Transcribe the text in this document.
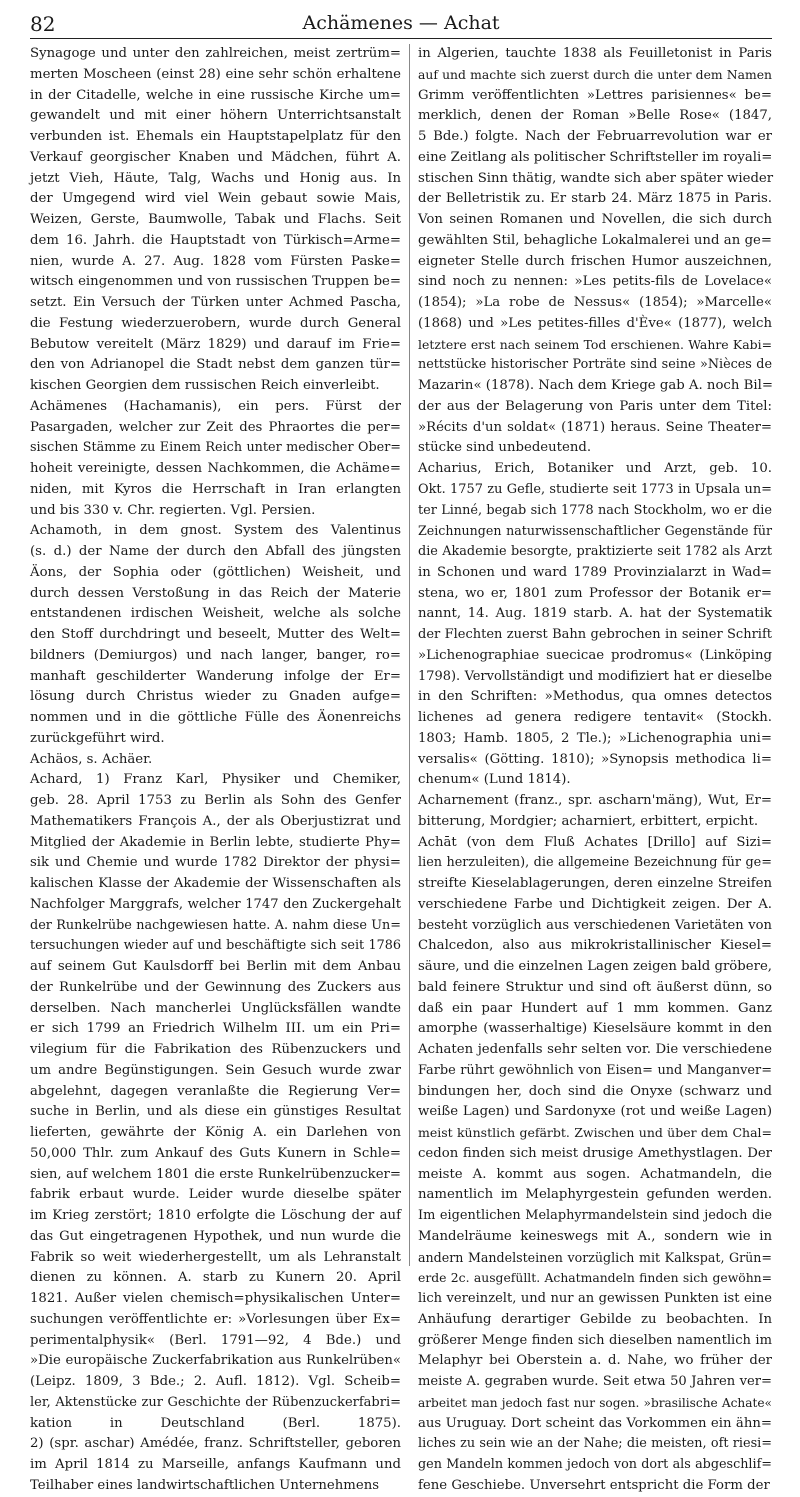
82	Achämenes — Achat
Synagoge und unter den zahlreichen, meist zertrüm=
merten Moscheen (einst 28) eine sehr schön erhaltene
in der Citadelle, welche in eine russische Kirche um=
gewandelt und mit einer höhern Unterrichtsanstalt
verbunden ist. Ehemals ein Hauptstapelplatz für den
Verkauf georgischer Knaben und Mädchen, führt A.
jetzt Vieh, Häute, Talg, Wachs und Honig aus. In
der Umgegend wird viel Wein gebaut sowie Mais,
Weizen, Gerste, Baumwolle, Tabak und Flachs. Seit
dem 16. Jahrh. die Hauptstadt von Türkisch=Arme=
nien, wurde A. 27. Aug. 1828 vom Fürsten Paske=
witsch eingenommen und von russischen Truppen be=
setzt. Ein Versuch der Türken unter Achmed Pascha,
die Festung wiederzuerobern, wurde durch General
Bebutow vereitelt (März 1829) und darauf im Frie=
den von Adrianopel die Stadt nebst dem ganzen tür=
kischen Georgien dem russischen Reich einverleibt.
Achämenes (Hachamanis), ein pers. Fürst der
Pasargaden, welcher zur Zeit des Phraortes die per=
sischen Stämme zu Einem Reich unter medischer Ober=
hoheit vereinigte, dessen Nachkommen, die Achäme=
niden, mit Kyros die Herrschaft in Iran erlangten
und bis 330 v. Chr. regierten. Vgl. Persien.
Achamoth, in dem gnost. System des Valentinus
(s. d.) der Name der durch den Abfall des jüngsten
Äons, der Sophia oder (göttlichen) Weisheit, und
durch dessen Verstoßung in das Reich der Materie
entstandenen irdischen Weisheit, welche als solche
den Stoff durchdringt und beseelt, Mutter des Welt=
bildners (Demiurgos) und nach langer, banger, ro=
manhaft geschilderter Wanderung infolge der Er=
lösung durch Christus wieder zu Gnaden aufge=
nommen und in die göttliche Fülle des Äonenreichs
zurückgeführt wird.
Achäos, s. Achäer.
Achard, 1) Franz Karl, Physiker und Chemiker,
geb. 28. April 1753 zu Berlin als Sohn des Genfer
Mathematikers François A., der als Oberjustizrat und
Mitglied der Akademie in Berlin lebte, studierte Phy=
sik und Chemie und wurde 1782 Direktor der physi=
kalischen Klasse der Akademie der Wissenschaften als
Nachfolger Marggrafs, welcher 1747 den Zuckergehalt
der Runkelrübe nachgewiesen hatte. A. nahm diese Un=
tersuchungen wieder auf und beschäftigte sich seit 1786
auf seinem Gut Kaulsdorff bei Berlin mit dem Anbau
der Runkelrübe und der Gewinnung des Zuckers aus
derselben. Nach mancherlei Unglücksfällen wandte
er sich 1799 an Friedrich Wilhelm III. um ein Pri=
vilegium für die Fabrikation des Rübenzuckers und
um andre Begünstigungen. Sein Gesuch wurde zwar
abgelehnt, dagegen veranlaßte die Regierung Ver=
suche in Berlin, und als diese ein günstiges Resultat
lieferten, gewährte der König A. ein Darlehen von
50,000 Thlr. zum Ankauf des Guts Kunern in Schle=
sien, auf welchem 1801 die erste Runkelrübenzucker=
fabrik erbaut wurde. Leider wurde dieselbe später
im Krieg zerstört; 1810 erfolgte die Löschung der auf
das Gut eingetragenen Hypothek, und nun wurde die
Fabrik so weit wiederhergestellt, um als Lehranstalt
dienen zu können. A. starb zu Kunern 20. April
1821. Außer vielen chemisch=physikalischen Unter=
suchungen veröffentlichte er: »Vorlesungen über Ex=
perimentalphysik« (Berl. 1791—92, 4 Bde.) und
»Die europäische Zuckerfabrikation aus Runkelrüben«
(Leipz. 1809, 3 Bde.; 2. Aufl. 1812). Vgl. Scheib=
ler, Aktenstücke zur Geschichte der Rübenzuckerfabri=
kation in Deutschland (Berl. 1875).
2) (spr. aschar) Amédée, franz. Schriftsteller, geboren
im April 1814 zu Marseille, anfangs Kaufmann und
Teilhaber eines landwirtschaftlichen Unternehmens
in Algerien, tauchte 1838 als Feuilletonist in Paris
auf und machte sich zuerst durch die unter dem Namen
Grimm veröffentlichten »Lettres parisiennes« be=
merklich, denen der Roman »Belle Rose« (1847,
5 Bde.) folgte. Nach der Februarrevolution war er
eine Zeitlang als politischer Schriftsteller im royali=
stischen Sinn thätig, wandte sich aber später wieder
der Belletristik zu. Er starb 24. März 1875 in Paris.
Von seinen Romanen und Novellen, die sich durch
gewählten Stil, behagliche Lokalmalerei und an ge=
eigneter Stelle durch frischen Humor auszeichnen,
sind noch zu nennen: »Les petits-fils de Lovelace«
(1854); »La robe de Nessus« (1854); »Marcelle«
(1868) und »Les petites-filles d'Ève« (1877), welch
letztere erst nach seinem Tod erschienen. Wahre Kabi=
nettstücke historischer Porträte sind seine »Nièces de
Mazarin« (1878). Nach dem Kriege gab A. noch Bil=
der aus der Belagerung von Paris unter dem Titel:
»Récits d'un soldat« (1871) heraus. Seine Theater=
stücke sind unbedeutend.
Acharius, Erich, Botaniker und Arzt, geb. 10.
Okt. 1757 zu Gefle, studierte seit 1773 in Upsala un=
ter Linné, begab sich 1778 nach Stockholm, wo er die
Zeichnungen naturwissenschaftlicher Gegenstände für
die Akademie besorgte, praktizierte seit 1782 als Arzt
in Schonen und ward 1789 Provinzialarzt in Wad=
stena, wo er, 1801 zum Professor der Botanik er=
nannt, 14. Aug. 1819 starb. A. hat der Systematik
der Flechten zuerst Bahn gebrochen in seiner Schrift
»Lichenographiae suecicae prodromus« (Linköping
1798). Vervollständigt und modifiziert hat er dieselbe
in den Schriften: »Methodus, qua omnes detectos
lichenes ad genera redigere tentavit« (Stockh.
1803; Hamb. 1805, 2 Tle.); »Lichenographia uni=
versalis« (Götting. 1810); »Synopsis methodica li=
chenum« (Lund 1814).
Acharnement (franz., spr. ascharn'mäng), Wut, Er=
bitterung, Mordgier; acharniert, erbittert, erpicht.
Achāt (von dem Fluß Achates [Drillo] auf Sizi=
lien herzuleiten), die allgemeine Bezeichnung für ge=
streifte Kieselablagerungen, deren einzelne Streifen
verschiedene Farbe und Dichtigkeit zeigen. Der A.
besteht vorzüglich aus verschiedenen Varietäten von
Chalcedon, also aus mikrokristallinischer Kiesel=
säure, und die einzelnen Lagen zeigen bald gröbere,
bald feinere Struktur und sind oft äußerst dünn, so
daß ein paar Hundert auf 1 mm kommen. Ganz
amorphe (wasserhaltige) Kieselsäure kommt in den
Achaten jedenfalls sehr selten vor. Die verschiedene
Farbe rührt gewöhnlich von Eisen= und Manganver=
bindungen her, doch sind die Onyxe (schwarz und
weiße Lagen) und Sardonyxe (rot und weiße Lagen)
meist künstlich gefärbt. Zwischen und über dem Chal=
cedon finden sich meist drusige Amethystlagen. Der
meiste A. kommt aus sogen. Achatmandeln, die
namentlich im Melaphyrgestein gefunden werden.
Im eigentlichen Melaphyrmandelstein sind jedoch die
Mandelräume keineswegs mit A., sondern wie in
andern Mandelsteinen vorzüglich mit Kalkspat, Grün=
erde 2c. ausgefüllt. Achatmandeln finden sich gewöhn=
lich vereinzelt, und nur an gewissen Punkten ist eine
Anhäufung derartiger Gebilde zu beobachten. In
größerer Menge finden sich dieselben namentlich im
Melaphyr bei Oberstein a. d. Nahe, wo früher der
meiste A. gegraben wurde. Seit etwa 50 Jahren ver=
arbeitet man jedoch fast nur sogen. »brasilische Achate«
aus Uruguay. Dort scheint das Vorkommen ein ähn=
liches zu sein wie an der Nahe; die meisten, oft riesi=
gen Mandeln kommen jedoch von dort als abgeschlif=
fene Geschiebe. Unversehrt entspricht die Form der
